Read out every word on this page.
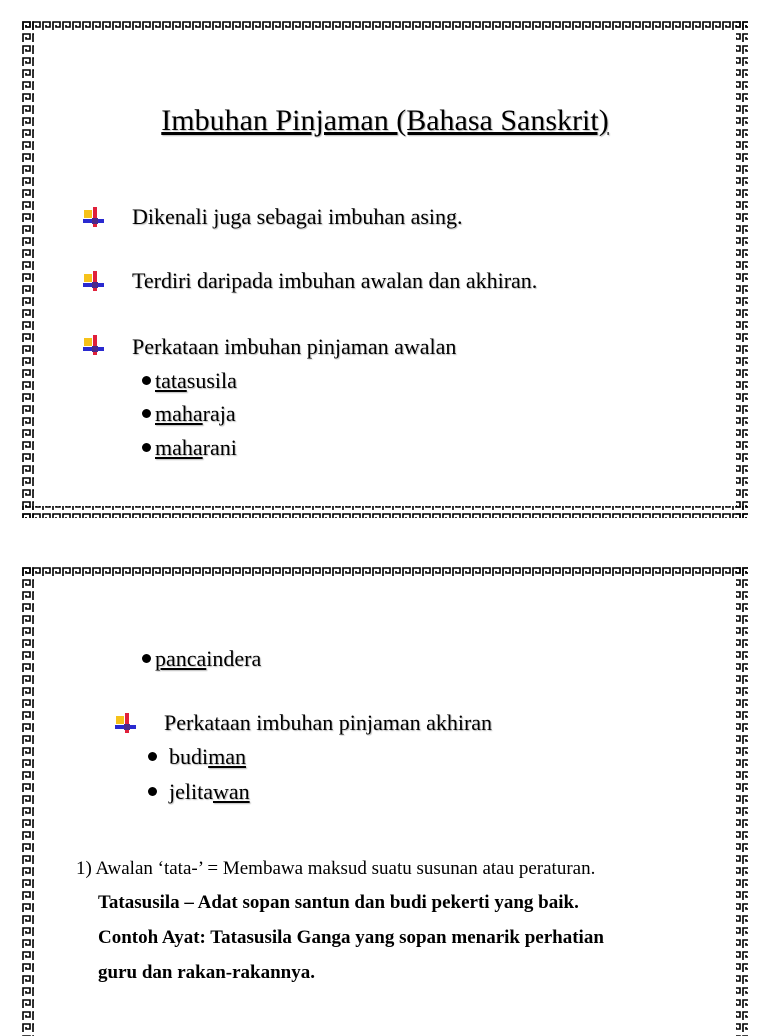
Imbuhan Pinjaman (Bahasa Sanskrit)
Dikenali juga sebagai imbuhan asing.
Terdiri daripada imbuhan awalan dan akhiran.
Perkataan imbuhan pinjaman awalan
tatasusila
maharaja
maharani
pancaindera
Perkataan imbuhan pinjaman akhiran
budiman
jelitawan
1) Awalan ‘tata-’ = Membawa maksud suatu susunan atau peraturan.
Tatasusila – Adat sopan santun dan budi pekerti yang baik.
Contoh Ayat: Tatasusila Ganga yang sopan menarik perhatian
guru dan rakan-rakannya.
